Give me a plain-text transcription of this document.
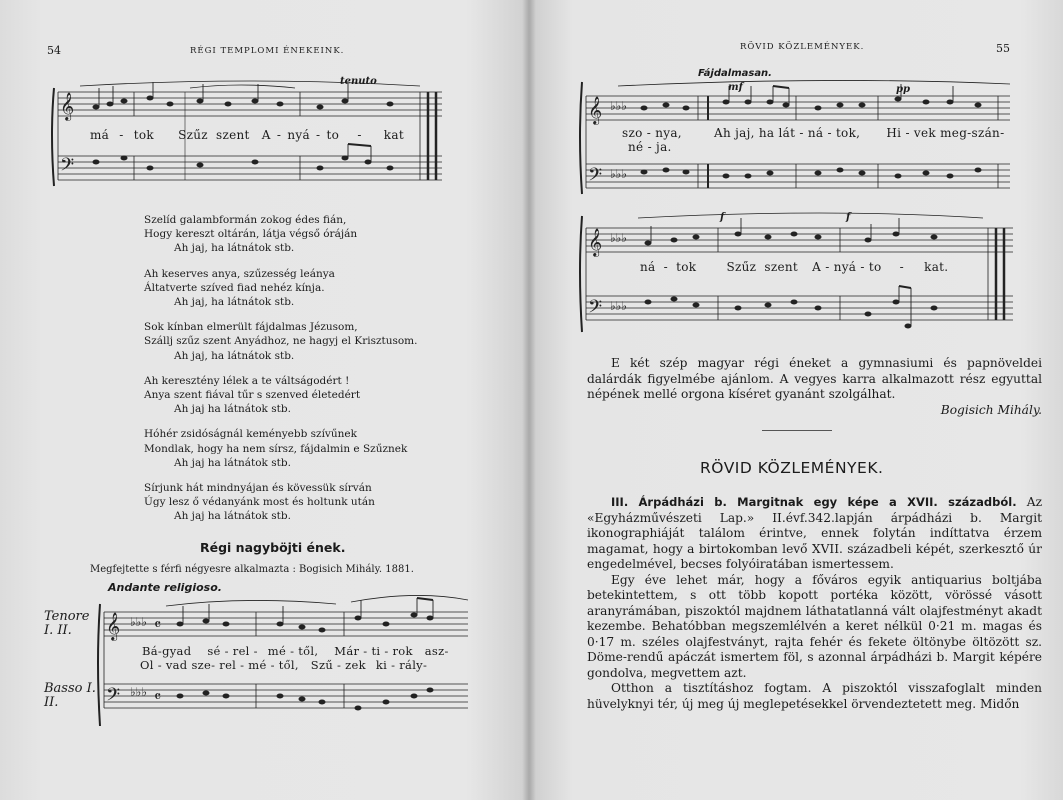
54	RÉGI TEMPLOMI ÉNEKEINK.
𝄞
𝄢
tenuto
má - tok Szűz szent A - nyá - to - kat
Szelíd galambformán zokog édes fián,
Hogy kereszt oltárán, látja végső óráján
Ah jaj, ha látnátok stb.
Ah keserves anya, szűzesség leánya
Áltatverte szíved fiad nehéz kínja.
Ah jaj, ha látnátok stb.
Sok kínban elmerült fájdalmas Jézusom,
Szállj szűz szent Anyádhoz, ne hagyj el Krisztusom.
Ah jaj, ha látnátok stb.
Ah keresztény lélek a te váltságodért !
Anya szent fiával tűr s szenved életedért
Ah jaj ha látnátok stb.
Hóhér zsidóságnál keményebb szívűnek
Mondlak, hogy ha nem sírsz, fájdalmin e Szűznek
Ah jaj ha látnátok stb.
Sírjunk hát mindnyájan és kövessük sírván
Úgy lesz ő védanyánk most és holtunk után
Ah jaj ha látnátok stb.
Régi nagyböjti ének.
Megfejtette s férfi négyesre alkalmazta : Bogisich Mihály. 1881.
Andante religioso.
Tenore I. II.
Basso I. II.
𝄞
𝄢
♭♭♭
♭♭♭
𝄴
𝄴
Bá-gyad sé - rel - mé - től, Már - ti - rok asz-
Ol - vad sze- rel - mé - től, Szű - zek ki - rály-
RÖVID KÖZLEMÉNYEK.	55
Fájdalmasan.
𝄞
𝄢
♭♭♭
♭♭♭
mf	pp
szo - nya,	Ah jaj, ha lát - ná - tok, Hi - vek meg-szán-
né - ja.
𝄞
𝄢
♭♭♭
♭♭♭
f	f
ná - tok	Szűz szent A - nyá - to - kat.

E két szép magyar régi éneket a gymnasiumi és papnöveldei dalárdák figyelmébe ajánlom. A vegyes karra alkalmazott rész egyuttal népének mellé orgona kíséret gyanánt szolgálhat.

Bogisich Mihály.
RÖVID KÖZLEMÉNYEK.

III. Árpádházi b. Margitnak egy képe a XVII. századból. Az «Egyházművészeti Lap.» II.évf.342.lapján árpádházi b. Margit ikonographiáját találom érintve, ennek folytán indíttatva érzem magamat, hogy a birtokomban levő XVII. századbeli képét, szerkesztő úr engedelmével, becses folyóiratában ismertessem.

Egy éve lehet már, hogy a főváros egyik antiquarius boltjába betekintettem, s ott több kopott portéka között, vörössé vásott aranyrámában, piszoktól majdnem láthatatlanná vált olajfestményt akadt kezembe. Behatóbban megszemlélvén a keret nélkül 0·21 m. magas és 0·17 m. széles olajfestványt, rajta fehér és fekete öltönybe öltözött sz. Döme-rendű apáczát ismertem föl, s azonnal árpádházi b. Margit képére gondolva, megvettem azt.

Otthon a tisztításhoz fogtam. A piszoktól visszafoglalt minden hüvelyknyi tér, új meg új meglepetésekkel örvendeztetett meg. Midőn
